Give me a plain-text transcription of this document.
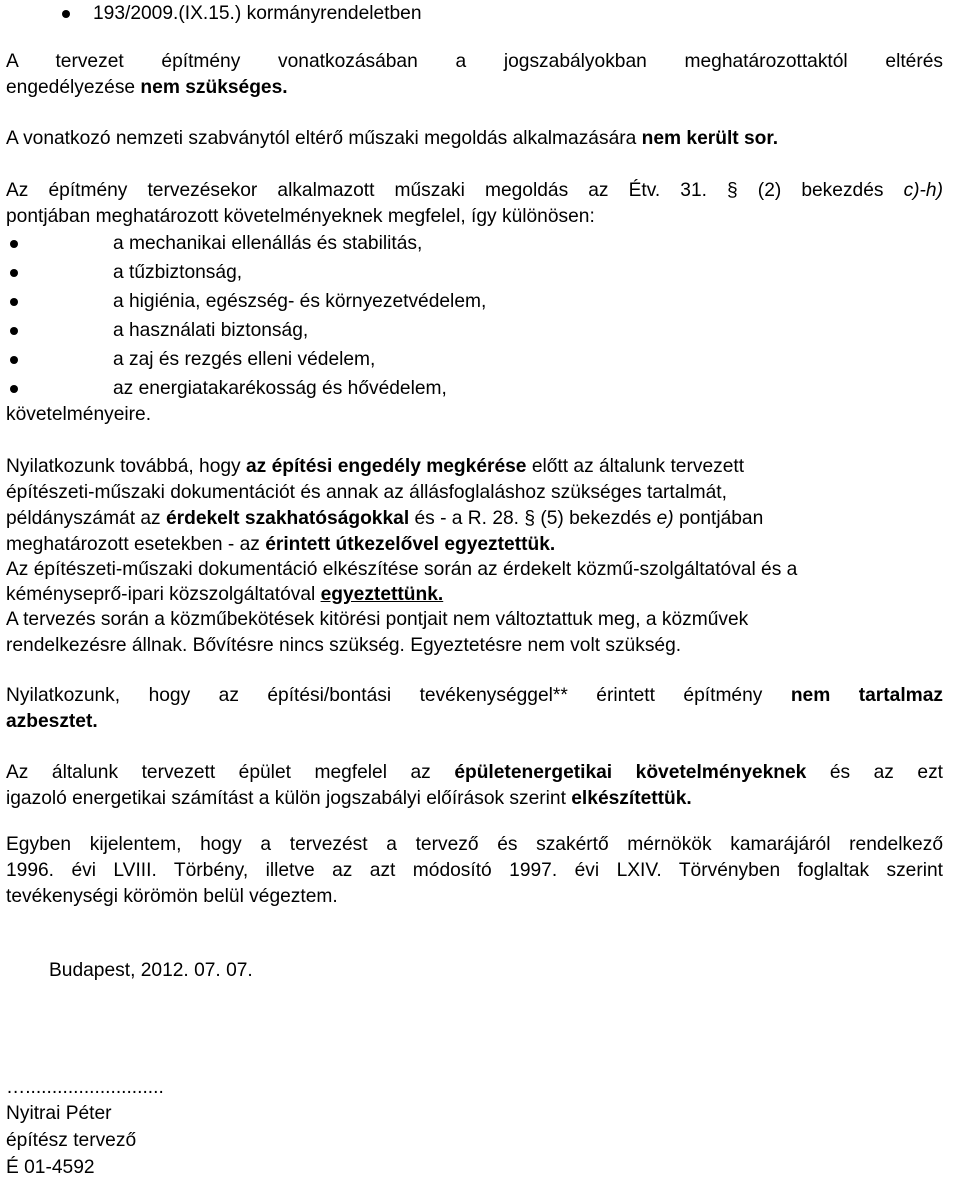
193/2009.(IX.15.) kormányrendeletben
A tervezet építmény vonatkozásában a jogszabályokban meghatározottaktól eltérés
engedélyezése nem szükséges.
A vonatkozó nemzeti szabványtól eltérő műszaki megoldás alkalmazására nem került sor.
Az építmény tervezésekor alkalmazott műszaki megoldás az Étv. 31. § (2) bekezdés c)-h)
pontjában meghatározott követelményeknek megfelel, így különösen:
a mechanikai ellenállás és stabilitás,
a tűzbiztonság,
a higiénia, egészség- és környezetvédelem,
a használati biztonság,
a zaj és rezgés elleni védelem,
az energiatakarékosság és hővédelem,
követelményeire.
Nyilatkozunk továbbá, hogy az építési engedély megkérése előtt az általunk tervezett
építészeti-műszaki dokumentációt és annak az állásfoglaláshoz szükséges tartalmát,
példányszámát az érdekelt szakhatóságokkal és - a R. 28. § (5) bekezdés e) pontjában
meghatározott esetekben - az érintett útkezelővel egyeztettük.
Az építészeti-műszaki dokumentáció elkészítése során az érdekelt közmű-szolgáltatóval és a
kéményseprő-ipari közszolgáltatóval egyeztettünk.
A tervezés során a közműbekötések kitörési pontjait nem változtattuk meg, a közművek
rendelkezésre állnak. Bővítésre nincs szükség. Egyeztetésre nem volt szükség.
Nyilatkozunk, hogy az építési/bontási tevékenységgel** érintett építmény nem tartalmaz
azbesztet.
Az általunk tervezett épület megfelel az épületenergetikai követelményeknek és az ezt
igazoló energetikai számítást a külön jogszabályi előírások szerint elkészítettük.
Egyben kijelentem, hogy a tervezést a tervező és szakértő mérnökök kamarájáról rendelkező
1996. évi LVIII. Törbény, illetve az azt módosító 1997. évi LXIV. Törvényben foglaltak szerint
tevékenységi körömön belül végeztem.
Budapest, 2012. 07. 07.
…..........................
Nyitrai Péter
építész tervező
É 01-4592
